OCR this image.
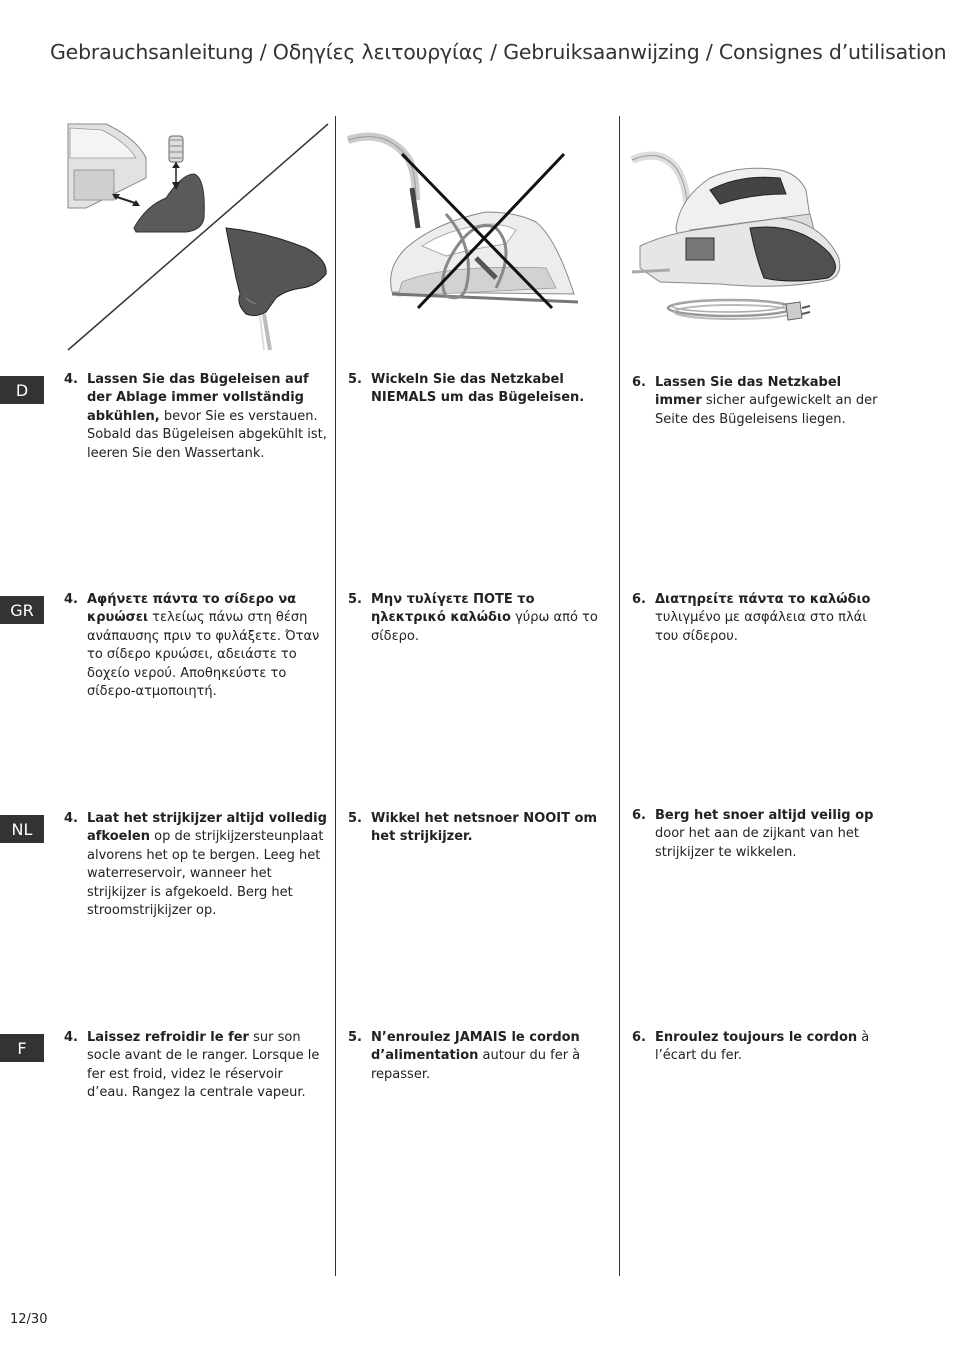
Gebrauchsanleitung / Οδηγίες λειτουργίας / Gebruiksaanwijzing / Consignes d’utilisation
D
GR
NL
F
4. Lassen Sie das Bügeleisen auf der Ablage immer vollständig abkühlen, bevor Sie es verstauen. Sobald das Bügeleisen abgekühlt ist, leeren Sie den Wassertank.
5. Wickeln Sie das Netzkabel NIEMALS um das Bügeleisen.
6. Lassen Sie das Netzkabel immer sicher aufgewickelt an der Seite des Bügeleisens liegen.
4. Αφήνετε πάντα το σίδερο να κρυώσει τελείως πάνω στη θέση ανάπαυσης πριν το φυλάξετε. Όταν το σίδερο κρυώσει, αδειάστε το δοχείο νερού. Αποθηκεύστε το σίδερο-ατμοποιητή.
5. Μην τυλίγετε ΠΟΤΕ το ηλεκτρικό καλώδιο γύρω από το σίδερο.
6. Διατηρείτε πάντα το καλώδιο τυλιγμένο με ασφάλεια στο πλάι του σίδερου.
4. Laat het strijkijzer altijd volledig afkoelen op de strijkijzersteunplaat alvorens het op te bergen. Leeg het waterreservoir, wanneer het strijkijzer is afgekoeld. Berg het stroomstrijkijzer op.
5. Wikkel het netsnoer NOOIT om het strijkijzer.
6. Berg het snoer altijd veilig op door het aan de zijkant van het strijkijzer te wikkelen.
4. Laissez refroidir le fer sur son socle avant de le ranger. Lorsque le fer est froid, videz le réservoir d’eau. Rangez la centrale vapeur.
5. N’enroulez JAMAIS le cordon d’alimentation autour du fer à repasser.
6. Enroulez toujours le cordon à l’écart du fer.
12/30
